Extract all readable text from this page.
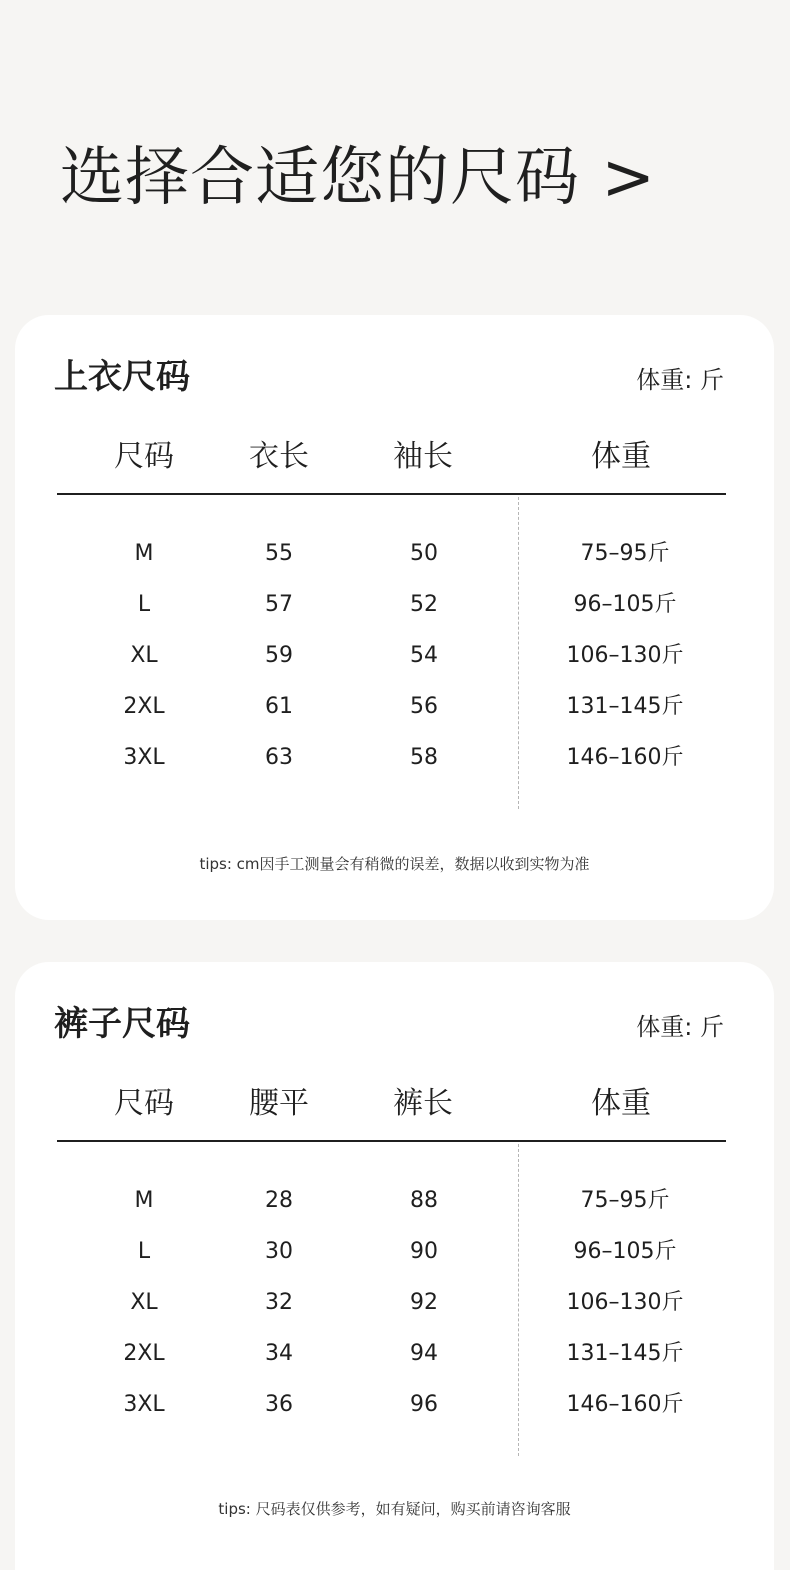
选择合适您的尺码 >
上衣尺码	体重: 斤
尺码	衣长	袖长	体重
M	55	50	75–95斤
L	57	52	96–105斤
XL	59	54	106–130斤
2XL	61	56	131–145斤
3XL	63	58	146–160斤
tips: cm因手工测量会有稍微的误差，数据以收到实物为准
裤子尺码	体重: 斤
尺码	腰平	裤长	体重
M	28	88	75–95斤
L	30	90	96–105斤
XL	32	92	106–130斤
2XL	34	94	131–145斤
3XL	36	96	146–160斤
tips: 尺码表仅供参考，如有疑问，购买前请咨询客服
